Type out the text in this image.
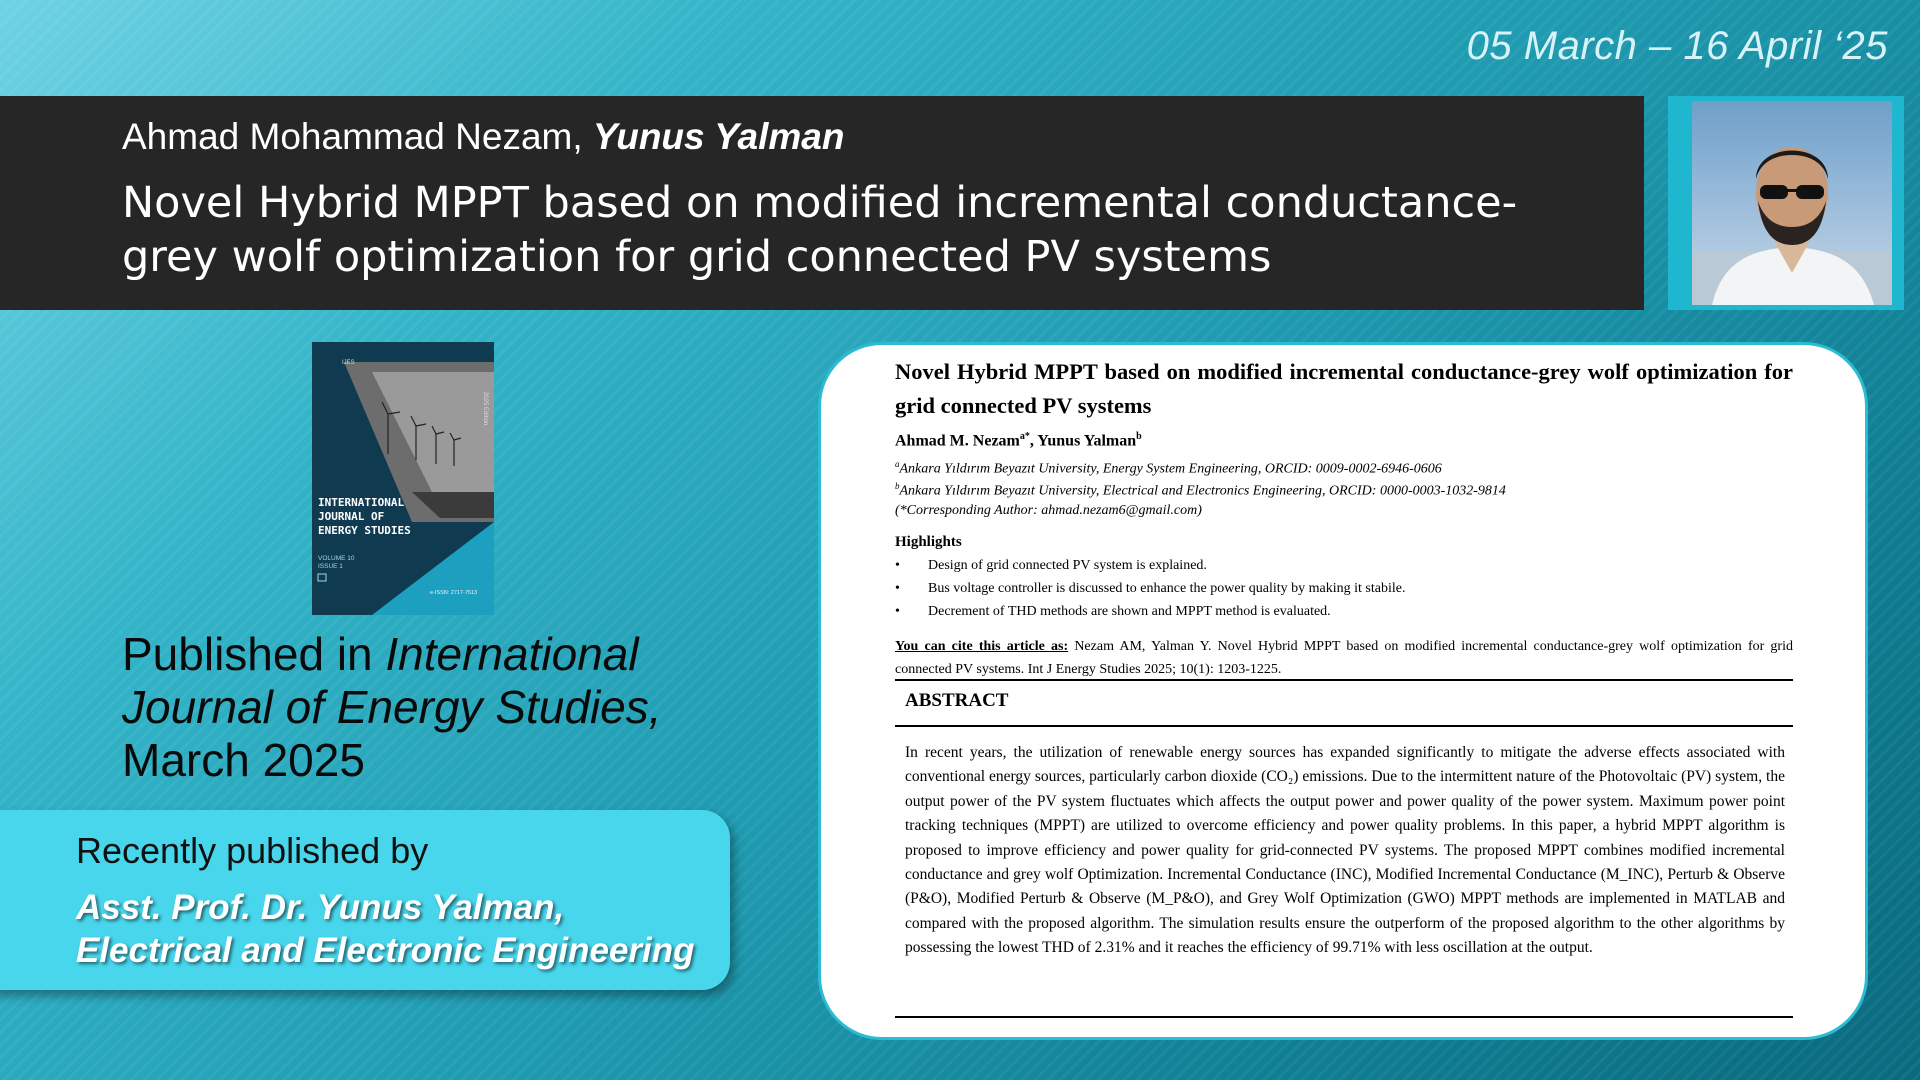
05 March – 16 April ‘25
Ahmad Mohammad Nezam, Yunus Yalman
Novel Hybrid MPPT based on modified incremental conductance-grey wolf optimization for grid connected PV systems
IJES
2025 Edition
VOLUME 10
ISSUE 1
e-ISSN: 2717-7513
INTERNATIONAL JOURNAL OF ENERGY STUDIES
Published in International Journal of Energy Studies,
March 2025
Recently published by
Asst. Prof. Dr. Yunus Yalman,
Electrical and Electronic Engineering
Novel Hybrid MPPT based on modified incremental conductance-grey wolf optimization for grid connected PV systems
Ahmad M. Nezam$^{a*}$, Yunus Yalman$^b$
$^a$Ankara Yıldırım Beyazıt University, Energy System Engineering, ORCID: 0009-0002-6946-0606
$^b$Ankara Yıldırım Beyazıt University, Electrical and Electronics Engineering, ORCID: 0000-0003-1032-9814
(*Corresponding Author: ahmad.nezam6@gmail.com)
Highlights
• Design of grid connected PV system is explained.
• Bus voltage controller is discussed to enhance the power quality by making it stabile.
• Decrement of THD methods are shown and MPPT method is evaluated.
You can cite this article as: Nezam AM, Yalman Y. Novel Hybrid MPPT based on modified incremental conductance-grey wolf optimization for grid connected PV systems. Int J Energy Studies 2025; 10(1): 1203-1225.
ABSTRACT
In recent years, the utilization of renewable energy sources has expanded significantly to mitigate the adverse effects associated with conventional energy sources, particularly carbon dioxide (CO₂) emissions. Due to the intermittent nature of the Photovoltaic (PV) system, the output power of the PV system fluctuates which affects the output power and power quality of the power system. Maximum power point tracking techniques (MPPT) are utilized to overcome efficiency and power quality problems. In this paper, a hybrid MPPT algorithm is proposed to improve efficiency and power quality for grid-connected PV systems. The proposed MPPT combines modified incremental conductance and grey wolf Optimization. Incremental Conductance (INC), Modified Incremental Conductance (M_INC), Perturb & Observe (P&O), Modified Perturb & Observe (M_P&O), and Grey Wolf Optimization (GWO) MPPT methods are implemented in MATLAB and compared with the proposed algorithm. The simulation results ensure the outperform of the proposed algorithm to the other algorithms by possessing the lowest THD of 2.31% and it reaches the efficiency of 99.71% with less oscillation at the output.
